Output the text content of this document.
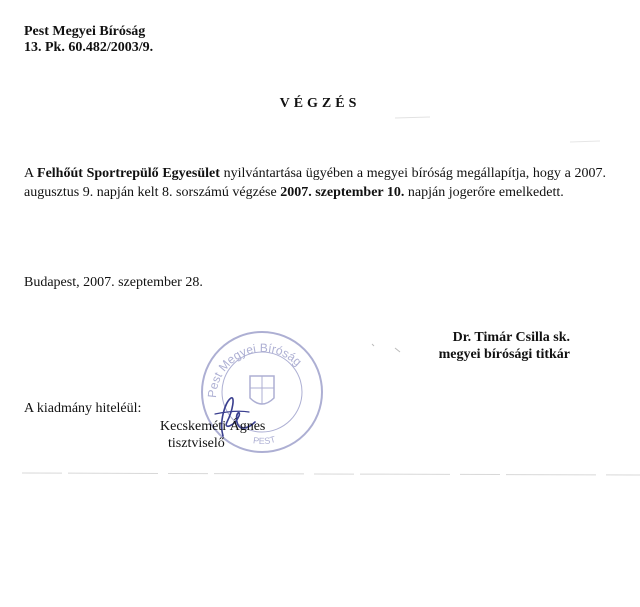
Pest Megyei Bíróság
13. Pk. 60.482/2003/9.
VÉGZÉS
A Felhőút Sportrepülő Egyesület nyilvántartása ügyében a megyei bíróság megállapítja, hogy a 2007. augusztus 9. napján kelt 8. sorszámú végzése 2007. szeptember 10. napján jogerőre emelkedett.
Budapest, 2007. szeptember 28.
Dr. Timár Csilla sk.
megyei bírósági titkár
Pest Megyei Bíróság
PEST
A kiadmány hiteléül:
Kecskeméti Ágnes
tisztviselő
